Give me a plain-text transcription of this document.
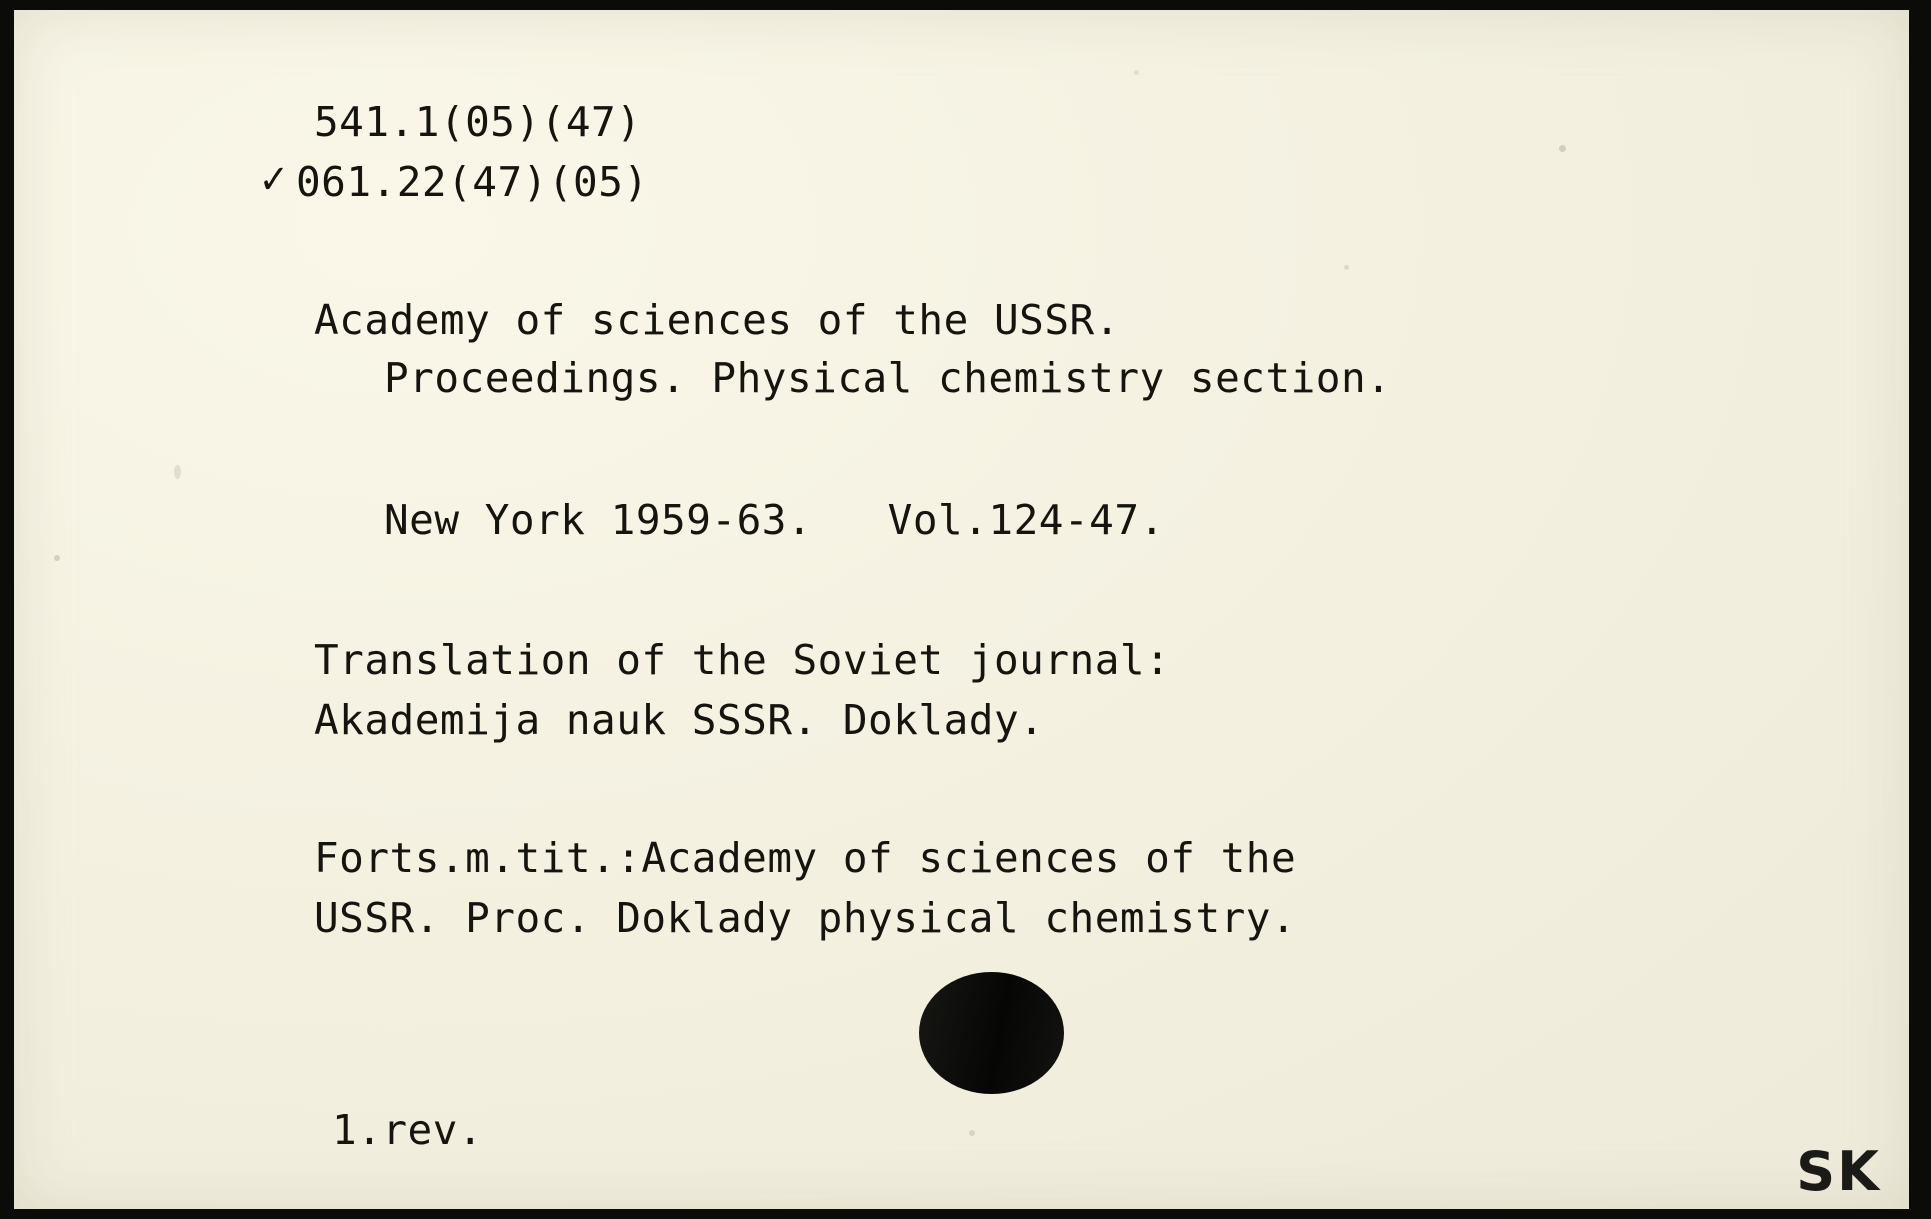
✓
541.1(05)(47)
061.22(47)(05)
Academy of sciences of the USSR.
Proceedings. Physical chemistry section.
New York 1959-63.   Vol.124-47.
Translation of the Soviet journal:
Akademija nauk SSSR. Doklady.
Forts.m.tit.:Academy of sciences of the
USSR. Proc. Doklady physical chemistry.
1.rev.
SK
